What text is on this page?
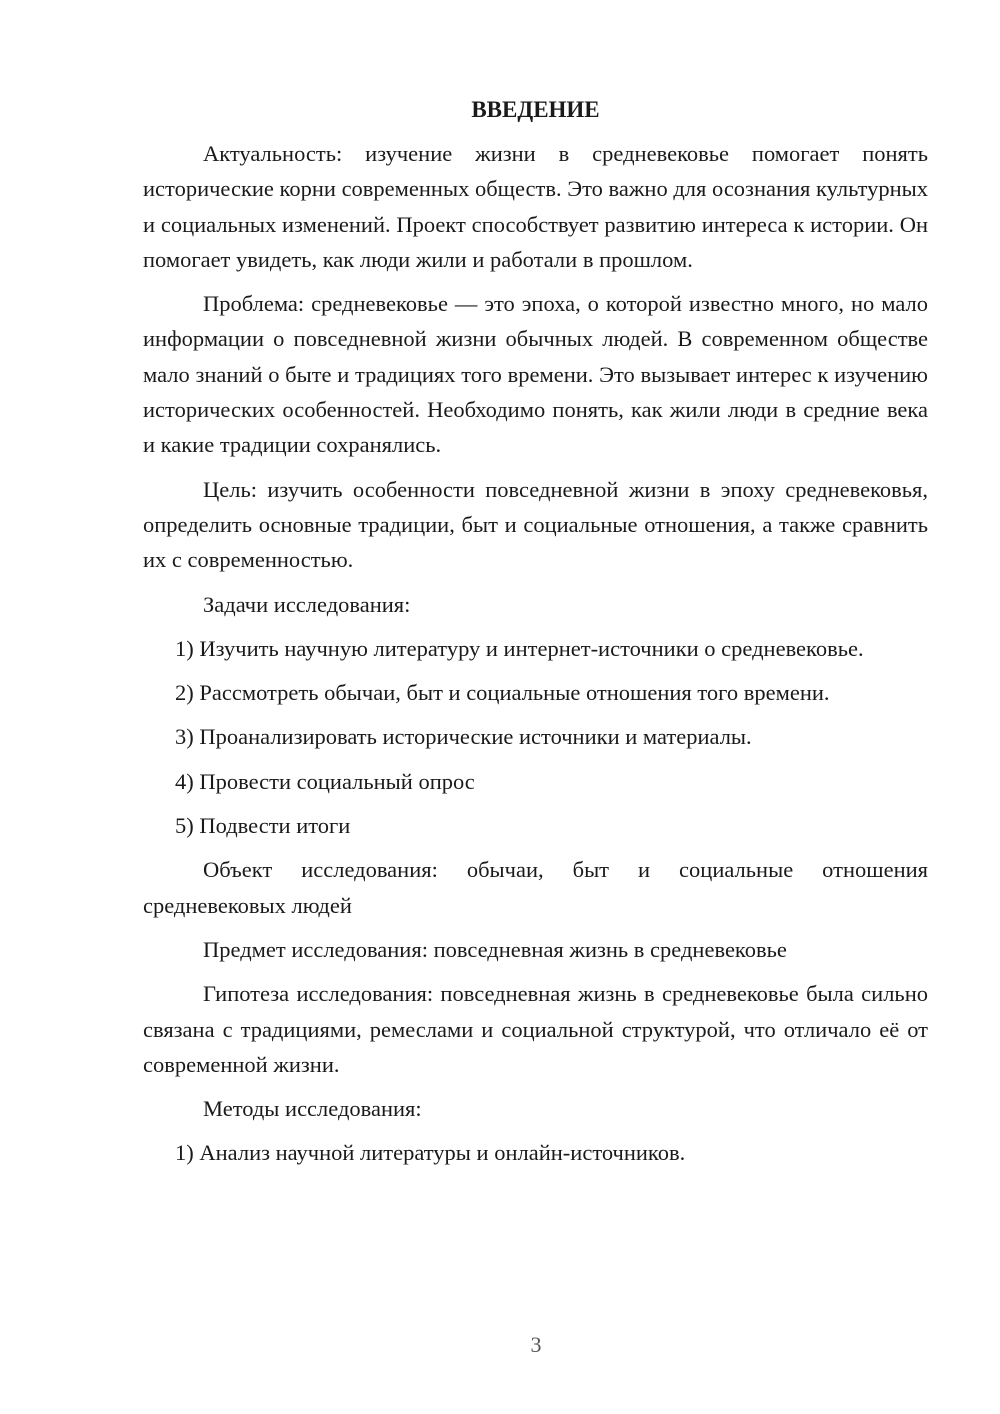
ВВЕДЕНИЕ

Актуальность: изучение жизни в средневековье помогает понять исторические корни современных обществ. Это важно для осознания культурных и социальных изменений. Проект способствует развитию интереса к истории. Он помогает увидеть, как люди жили и работали в прошлом.

Проблема: средневековье — это эпоха, о которой известно много, но мало информации о повседневной жизни обычных людей. В современном обществе мало знаний о быте и традициях того времени. Это вызывает интерес к изучению исторических особенностей. Необходимо понять, как жили люди в средние века и какие традиции сохранялись.

Цель: изучить особенности повседневной жизни в эпоху средневековья, определить основные традиции, быт и социальные отношения, а также сравнить их с современностью.

Задачи исследования:

1) Изучить научную литературу и интернет-источники о средневековье.

2) Рассмотреть обычаи, быт и социальные отношения того времени.

3) Проанализировать исторические источники и материалы.

4) Провести социальный опрос

5) Подвести итоги

Объект исследования: обычаи, быт и социальные отношения средневековых людей

Предмет исследования: повседневная жизнь в средневековье

Гипотеза исследования: повседневная жизнь в средневековье была сильно связана с традициями, ремеслами и социальной структурой, что отличало её от современной жизни.

Методы исследования:

1) Анализ научной литературы и онлайн-источников.

3
